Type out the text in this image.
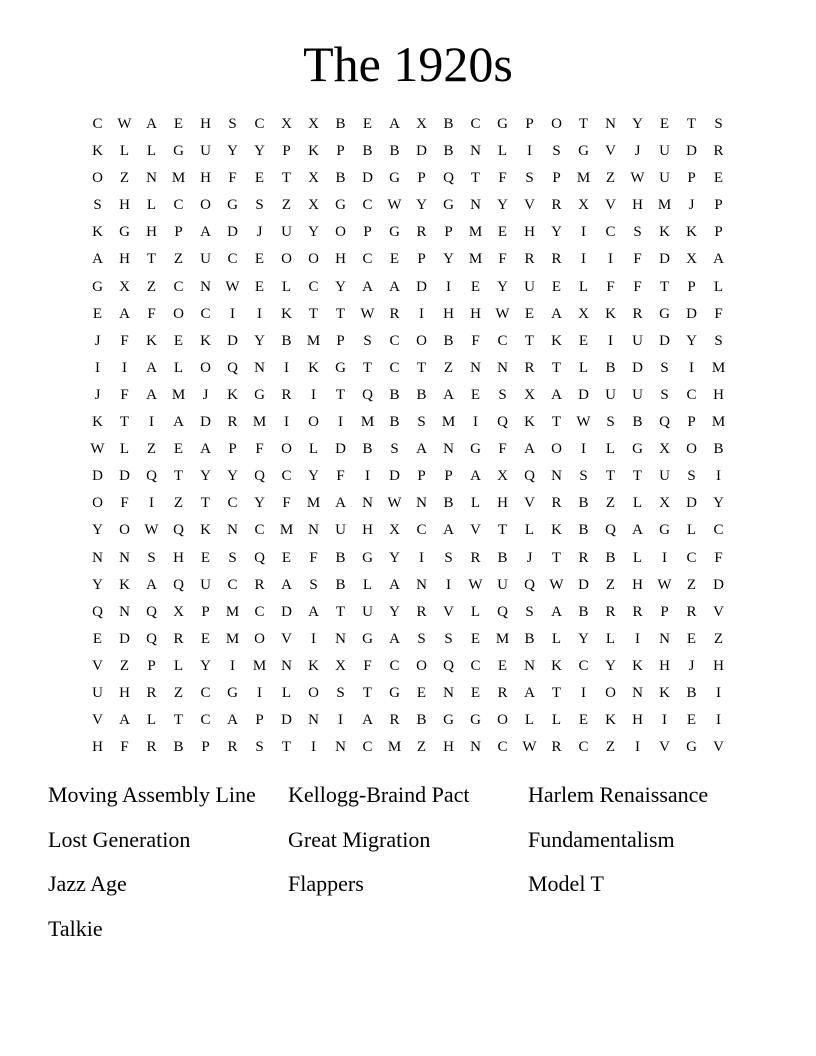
The 1920s
C W A	E	H	S	C	X	X	B	E	A	X	B	C	G	P	O	T	N	Y	E	T	S
K	L	L	G	U	Y	Y	P	K	P	B	B	D	B	N	L	I	S	G	V	J	U	D	R
O	Z	N M H	F	E	T	X	B	D	G	P	Q	T	F	S	P	M	Z	W U	P	E
S	H	L	C	O	G	S	Z	X	G	C W Y	G	N	Y	V	R	X	V	H M	J	P
K	G	H	P	A	D	J	U	Y	O	P	G	R	P	M	E	H	Y	I	C	S	K	K	P
A	H	T	Z	U	C	E	O	O	H	C	E	P	Y M	F	R	R	I	I	F	D	X	A
G	X	Z	C	N W	E	L	C	Y	A	A	D	I	E	Y	U	E	L	F	F	T	P	L
E	A	F	O	C	I	I	K	T	T	W R	I	H	H W	E	A	X	K	R	G	D	F
J	F	K	E	K	D	Y	B	M	P	S	C	O	B	F	C	T	K	E	I	U	D	Y	S
I	I	A	L	O	Q	N	I	K	G	T	C	T	Z	N	N	R	T	L	B	D	S	I	M
J	F	A M	J	K	G	R	I	T	Q	B	B	A	E	S	X	A	D	U	U	S	C	H
K	T	I	A	D	R	M	I	O	I	M	B	S	M	I	Q	K	T	W	S	B	Q	P	M
W	L	Z	E	A	P	F	O	L	D	B	S	A	N	G	F	A	O	I	L	G	X	O	B
D	D	Q	T	Y	Y	Q	C	Y	F	I	D	P	P	A	X	Q	N	S	T	T	U	S	I
O	F	I	Z	T	C	Y	F	M A	N W N	B	L	H	V	R	B	Z	L	X	D	Y
Y	O W Q	K	N	C	M N	U	H	X	C	A	V	T	L	K	B	Q	A	G	L	C
N	N	S	H	E	S	Q	E	F	B	G	Y	I	S	R	B	J	T	R	B	L	I	C	F
Y	K	A	Q	U	C	R	A	S	B	L	A	N	I	W U	Q W D	Z	H W	Z	D
Q	N	Q	X	P	M	C	D	A	T	U	Y	R	V	L	Q	S	A	B	R	R	P	R	V
E	D	Q	R	E	M O	V	I	N	G	A	S	S	E	M	B	L	Y	L	I	N	E	Z
V	Z	P	L	Y	I	M N	K	X	F	C	O	Q	C	E	N	K	C	Y	K	H	J	H
U	H	R	Z	C	G	I	L	O	S	T	G	E	N	E	R	A	T	I	O	N	K	B	I
V	A	L	T	C	A	P	D	N	I	A	R	B	G	G	O	L	L	E	K	H	I	E	I
H	F	R	B	P	R	S	T	I	N	C	M	Z	H	N	C W R	C	Z	I	V	G	V
Moving Assembly Line	Kellogg-Braind Pact	Harlem Renaissance
Lost Generation	Great Migration	Fundamentalism
Jazz Age	Flappers	Model T
Talkie
